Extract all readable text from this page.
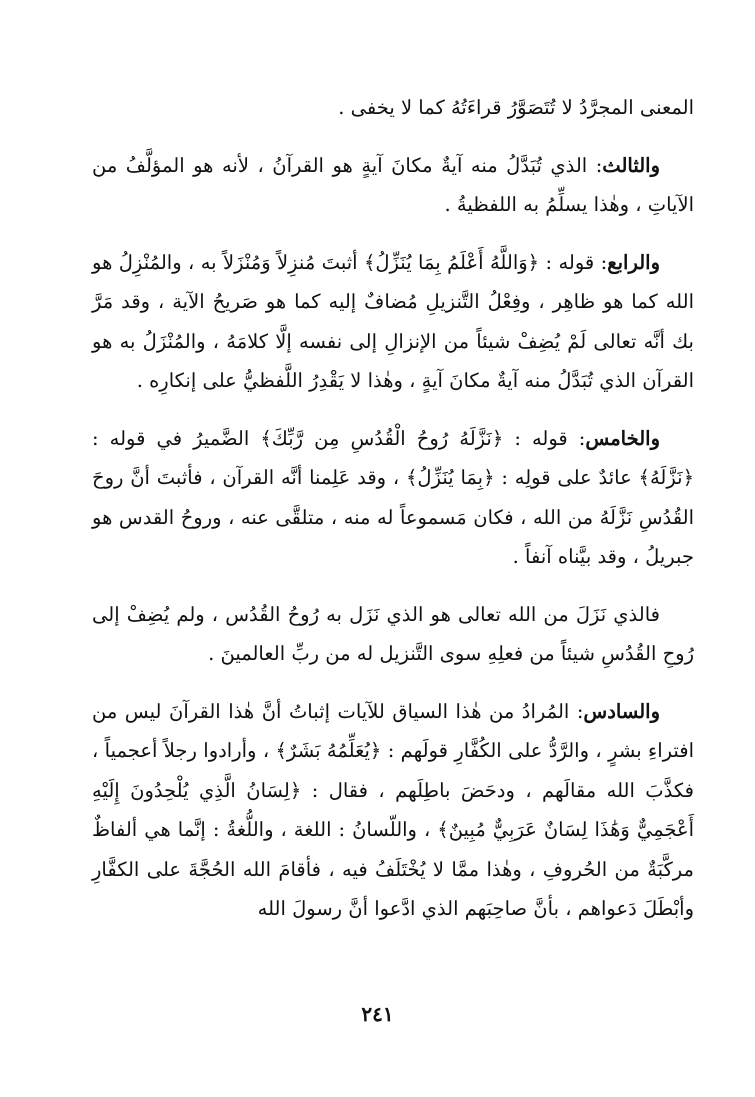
المعنى المجرَّدُ لا تُتَصَوَّرُ قراءَتُهُ كما لا يخفى .

والثالث: الذي تُبَدَّلُ منه آيةٌ مكانَ آيةٍ هو القرآنُ ، لأنه هو المؤلَّفُ من الآياتِ ، وهٰذا يسلِّمُ به اللفظيةُ .

والرابع: قوله : ﴿وَاللَّهُ أَعْلَمُ بِمَا يُنَزِّلُ﴾ أثبتَ مُنزِلاً وَمُنْزَلاً به ، والمُنْزِلُ هو الله كما هو ظاهِر ، وفِعْلُ التَّنزيلِ مُضافٌ إليه كما هو صَريحُ الآية ، وقد مَرَّ بك أنَّه تعالى لَمْ يُضِفْ شيئاً من الإنزالِ إلى نفسه إلَّا كلامَهُ ، والمُنْزَلُ به هو القرآن الذي تُبَدَّلُ منه آيةٌ مكانَ آيةٍ ، وهٰذا لا يَقْدِرُ اللَّفظيُّ على إنكارِه .

والخامس: قوله : ﴿نَزَّلَهُ رُوحُ الْقُدُسِ مِن رَّبِّكَ﴾ الضَّميرُ في قوله : ﴿نَزَّلَهُ﴾ عائدٌ على قولِه : ﴿بِمَا يُنَزِّلُ﴾ ، وقد عَلِمنا أنَّه القرآن ، فأثبتَ أنَّ روحَ القُدُسِ نَزَّلَهُ من الله ، فكان مَسموعاً له منه ، متلقَّى عنه ، وروحُ القدس هو جبريلُ ، وقد بيَّناه آنفاً .

فالذي نَزَلَ من الله تعالى هو الذي نَزَل به رُوحُ القُدُس ، ولم يُضِفْ إلى رُوحِ القُدُسِ شيئاً من فعلِهِ سوى التَّنزيل له من ربِّ العالمينَ .

والسادس: المُرادُ من هٰذا السياق للآيات إثباتُ أنَّ هٰذا القرآنَ ليس من افتراءِ بشرٍ ، والرَّدُّ على الكُفَّارِ قولَهم : ﴿يُعَلِّمُهُ بَشَرٌ﴾ ، وأرادوا رجلاً أعجمياً ، فكذَّبَ الله مقالَهم ، ودحَضَ باطِلَهم ، فقال : ﴿لِسَانُ الَّذِي يُلْحِدُونَ إِلَيْهِ أَعْجَمِيٌّ وَهَٰذَا لِسَانٌ عَرَبِيٌّ مُبِينٌ﴾ ، واللّسانُ : اللغة ، واللُّغةُ : إنَّما هي ألفاظٌ مركَّبَةٌ من الحُروفِ ، وهٰذا ممَّا لا يُخْتَلَفُ فيه ، فأقامَ الله الحُجَّةَ على الكفَّارِ وأبْطَلَ دَعواهم ، بأنَّ صاحِبَهم الذي ادَّعوا أنَّ رسولَ الله

٢٤١
